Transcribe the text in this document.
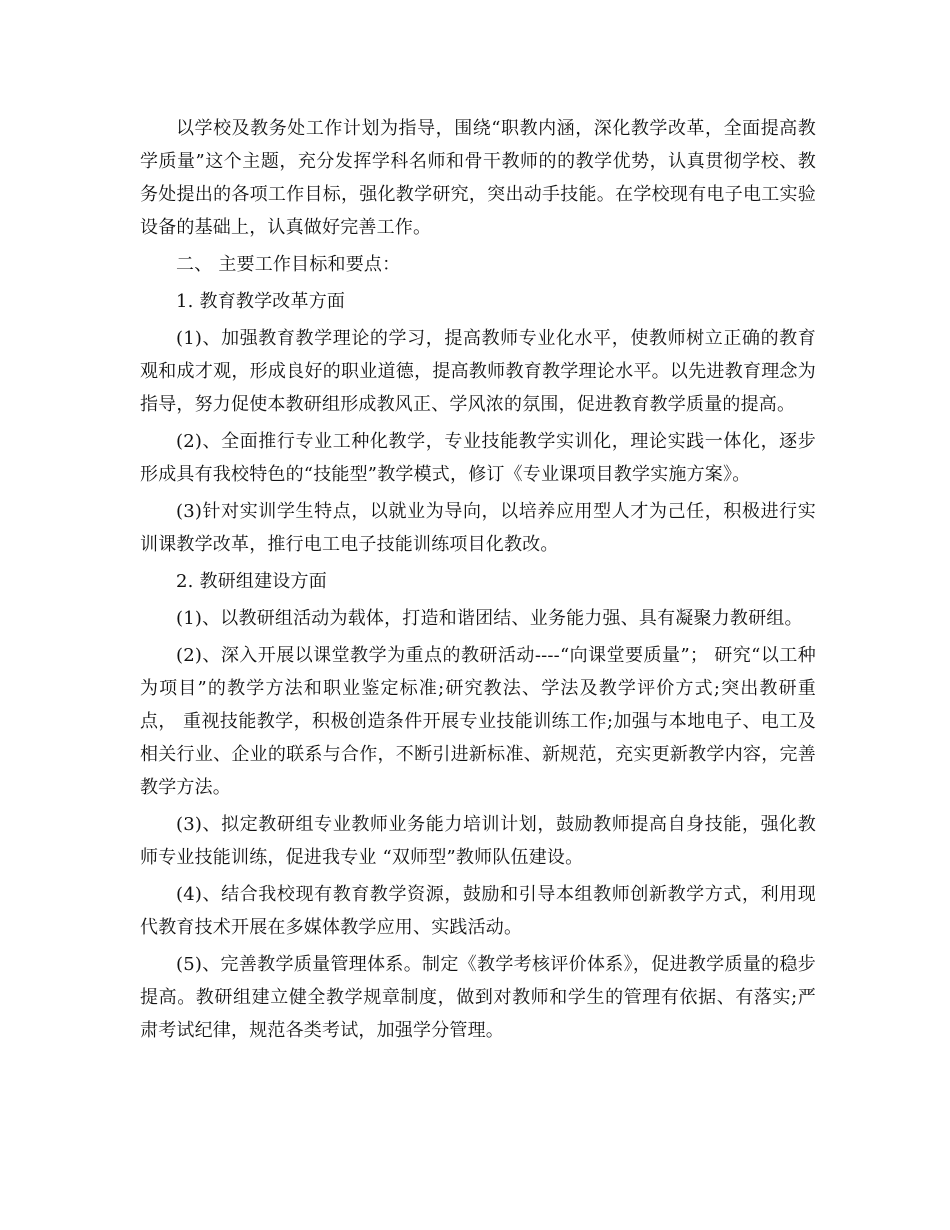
以学校及教务处工作计划为指导，围绕“职教内涵，深化教学改革，全面提高教学质量”这个主题，充分发挥学科名师和骨干教师的的教学优势，认真贯彻学校、教务处提出的各项工作目标，强化教学研究，突出动手技能。在学校现有电子电工实验设备的基础上，认真做好完善工作。

二、 主要工作目标和要点：

1. 教育教学改革方面

(1)、加强教育教学理论的学习，提高教师专业化水平，使教师树立正确的教育观和成才观，形成良好的职业道德，提高教师教育教学理论水平。以先进教育理念为指导，努力促使本教研组形成教风正、学风浓的氛围，促进教育教学质量的提高。

(2)、全面推行专业工种化教学，专业技能教学实训化，理论实践一体化，逐步形成具有我校特色的“技能型”教学模式，修订《专业课项目教学实施方案》。

(3)针对实训学生特点，以就业为导向，以培养应用型人才为己任，积极进行实训课教学改革，推行电工电子技能训练项目化教改。

2. 教研组建设方面

(1)、以教研组活动为载体，打造和谐团结、业务能力强、具有凝聚力教研组。

(2)、深入开展以课堂教学为重点的教研活动----“向课堂要质量”； 研究“以工种为项目”的教学方法和职业鉴定标准;研究教法、学法及教学评价方式;突出教研重点， 重视技能教学，积极创造条件开展专业技能训练工作;加强与本地电子、电工及相关行业、企业的联系与合作，不断引进新标准、新规范，充实更新教学内容，完善教学方法。

(3)、拟定教研组专业教师业务能力培训计划，鼓励教师提高自身技能，强化教师专业技能训练，促进我专业 “双师型”教师队伍建设。

(4)、结合我校现有教育教学资源，鼓励和引导本组教师创新教学方式，利用现代教育技术开展在多媒体教学应用、实践活动。

(5)、完善教学质量管理体系。制定《教学考核评价体系》，促进教学质量的稳步提高。教研组建立健全教学规章制度，做到对教师和学生的管理有依据、有落实;严肃考试纪律，规范各类考试，加强学分管理。
